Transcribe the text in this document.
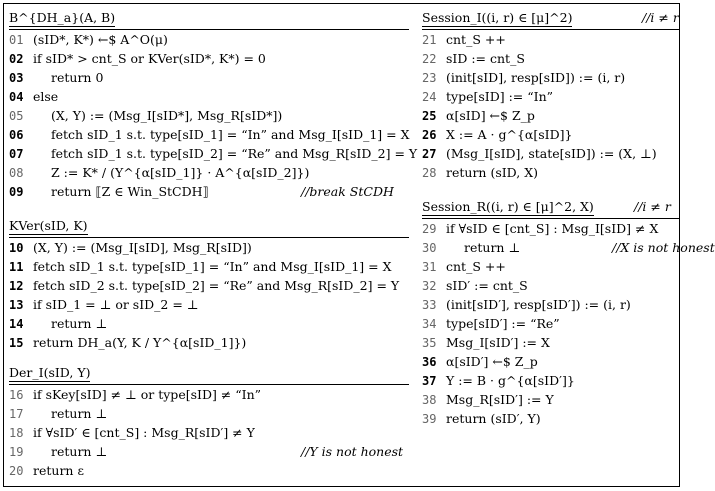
B^{DH_a}(A, B)
01 (sID*, K*) ←$ A^O(μ)
02 if sID* > cnt_S or KVer(sID*, K*) = 0
03 return 0
04 else
05 (X, Y) := (Msg_I[sID*], Msg_R[sID*])
06 fetch sID_1 s.t. type[sID_1] = “In” and Msg_I[sID_1] = X
07 fetch sID_1 s.t. type[sID_2] = “Re” and Msg_R[sID_2] = Y
08 Z := K* / (Y^{α[sID_1]} · A^{α[sID_2]})
09 return ⟦Z ∈ Win_StCDH⟧	//break StCDH
KVer(sID, K)
10 (X, Y) := (Msg_I[sID], Msg_R[sID])
11 fetch sID_1 s.t. type[sID_1] = “In” and Msg_I[sID_1] = X
12 fetch sID_2 s.t. type[sID_2] = “Re” and Msg_R[sID_2] = Y
13 if sID_1 = ⊥ or sID_2 = ⊥
14 return ⊥
15 return DH_a(Y, K / Y^{α[sID_1]})
Der_I(sID, Y)
16 if sKey[sID] ≠ ⊥ or type[sID] ≠ “In”
17 return ⊥
18 if ∀sID′ ∈ [cnt_S] : Msg_R[sID′] ≠ Y
19 return ⊥	//Y is not honest
20 return ε
Session_I((i, r) ∈ [μ]^2)	//i ≠ r
21 cnt_S ++
22 sID := cnt_S
23 (init[sID], resp[sID]) := (i, r)
24 type[sID] := “In”
25 α[sID] ←$ Z_p
26 X := A · g^{α[sID]}
27 (Msg_I[sID], state[sID]) := (X, ⊥)
28 return (sID, X)
Session_R((i, r) ∈ [μ]^2, X)	//i ≠ r
29 if ∀sID ∈ [cnt_S] : Msg_I[sID] ≠ X
30 return ⊥	//X is not honest
31 cnt_S ++
32 sID′ := cnt_S
33 (init[sID′], resp[sID′]) := (i, r)
34 type[sID′] := “Re”
35 Msg_I[sID′] := X
36 α[sID′] ←$ Z_p
37 Y := B · g^{α[sID′]}
38 Msg_R[sID′] := Y
39 return (sID′, Y)
